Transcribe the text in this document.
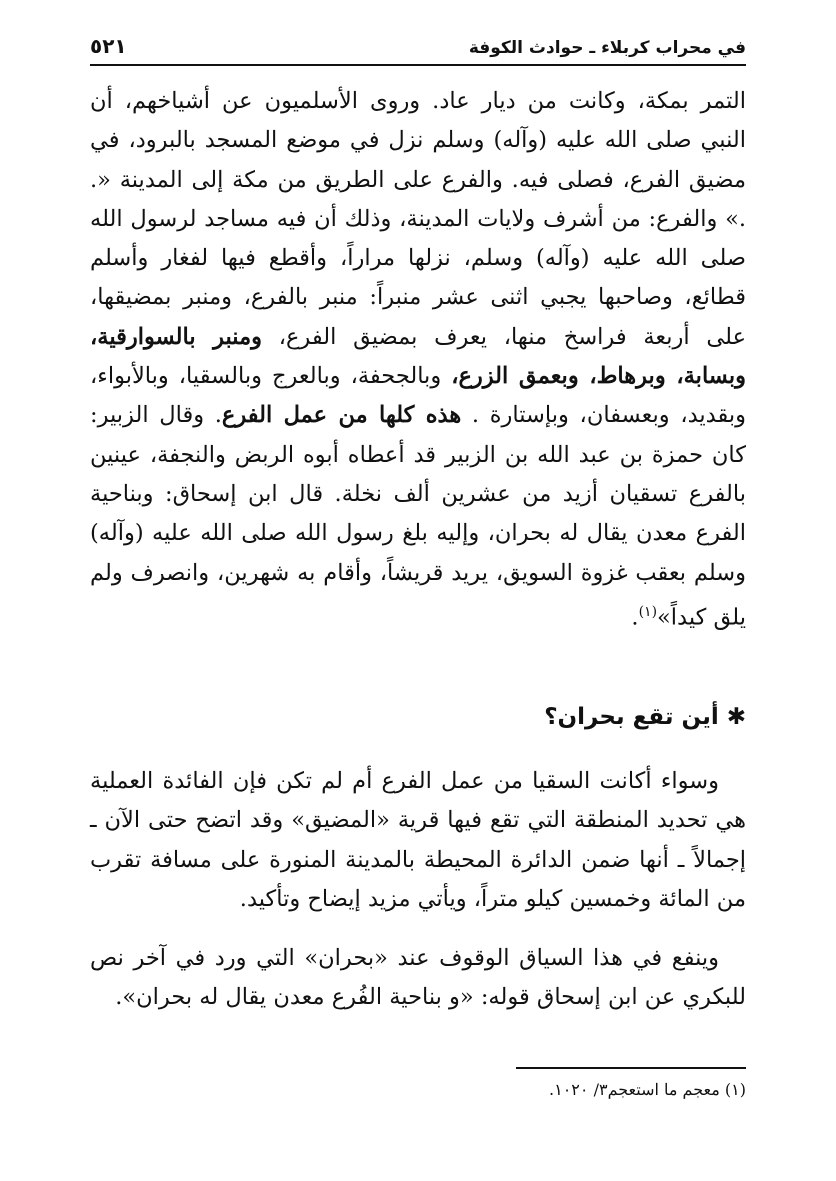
٥٢١	في محراب كربلاء ـ حوادث الكوفة

التمر بمكة، وكانت من ديار عاد. وروى الأسلميون عن أشياخهم، أن النبي صلى الله عليه (وآله) وسلم نزل في موضع المسجد بالبرود، في مضيق الفرع، فصلى فيه. والفرع على الطريق من مكة إلى المدينة «. .» والفرع: من أشرف ولايات المدينة، وذلك أن فيه مساجد لرسول الله صلى الله عليه (وآله) وسلم، نزلها مراراً، وأقطع فيها لفغار وأسلم قطائع، وصاحبها يجبي اثنى عشر منبراً: منبر بالفرع، ومنبر بمضيقها، على أربعة فراسخ منها، يعرف بمضيق الفرع، ومنبر بالسوارقية، وبسابة، وبرهاط، وبعمق الزرع، وبالجحفة، وبالعرج وبالسقيا، وبالأبواء، وبقديد، وبعسفان، وبإستارة . هذه كلها من عمل الفرع. وقال الزبير: كان حمزة بن عبد الله بن الزبير قد أعطاه أبوه الربض والنجفة، عينين بالفرع تسقيان أزيد من عشرين ألف نخلة. قال ابن إسحاق: وبناحية الفرع معدن يقال له بحران، وإليه بلغ رسول الله صلى الله عليه (وآله) وسلم بعقب غزوة السويق، يريد قريشاً، وأقام به شهرين، وانصرف ولم يلق كيداً»$^{(١)}$.

✱أين تقع بحران؟

وسواء أكانت السقيا من عمل الفرع أم لم تكن فإن الفائدة العملية هي تحديد المنطقة التي تقع فيها قرية «المضيق» وقد اتضح حتى الآن ـ إجمالاً ـ أنها ضمن الدائرة المحيطة بالمدينة المنورة على مسافة تقرب من المائة وخمسين كيلو متراً، ويأتي مزيد إيضاح وتأكيد.

وينفع في هذا السياق الوقوف عند «بحران» التي ورد في آخر نص للبكري عن ابن إسحاق قوله: «و بناحية الفُرع معدن يقال له بحران».

(١) معجم ما استعجم٣/ ١٠٢٠.
